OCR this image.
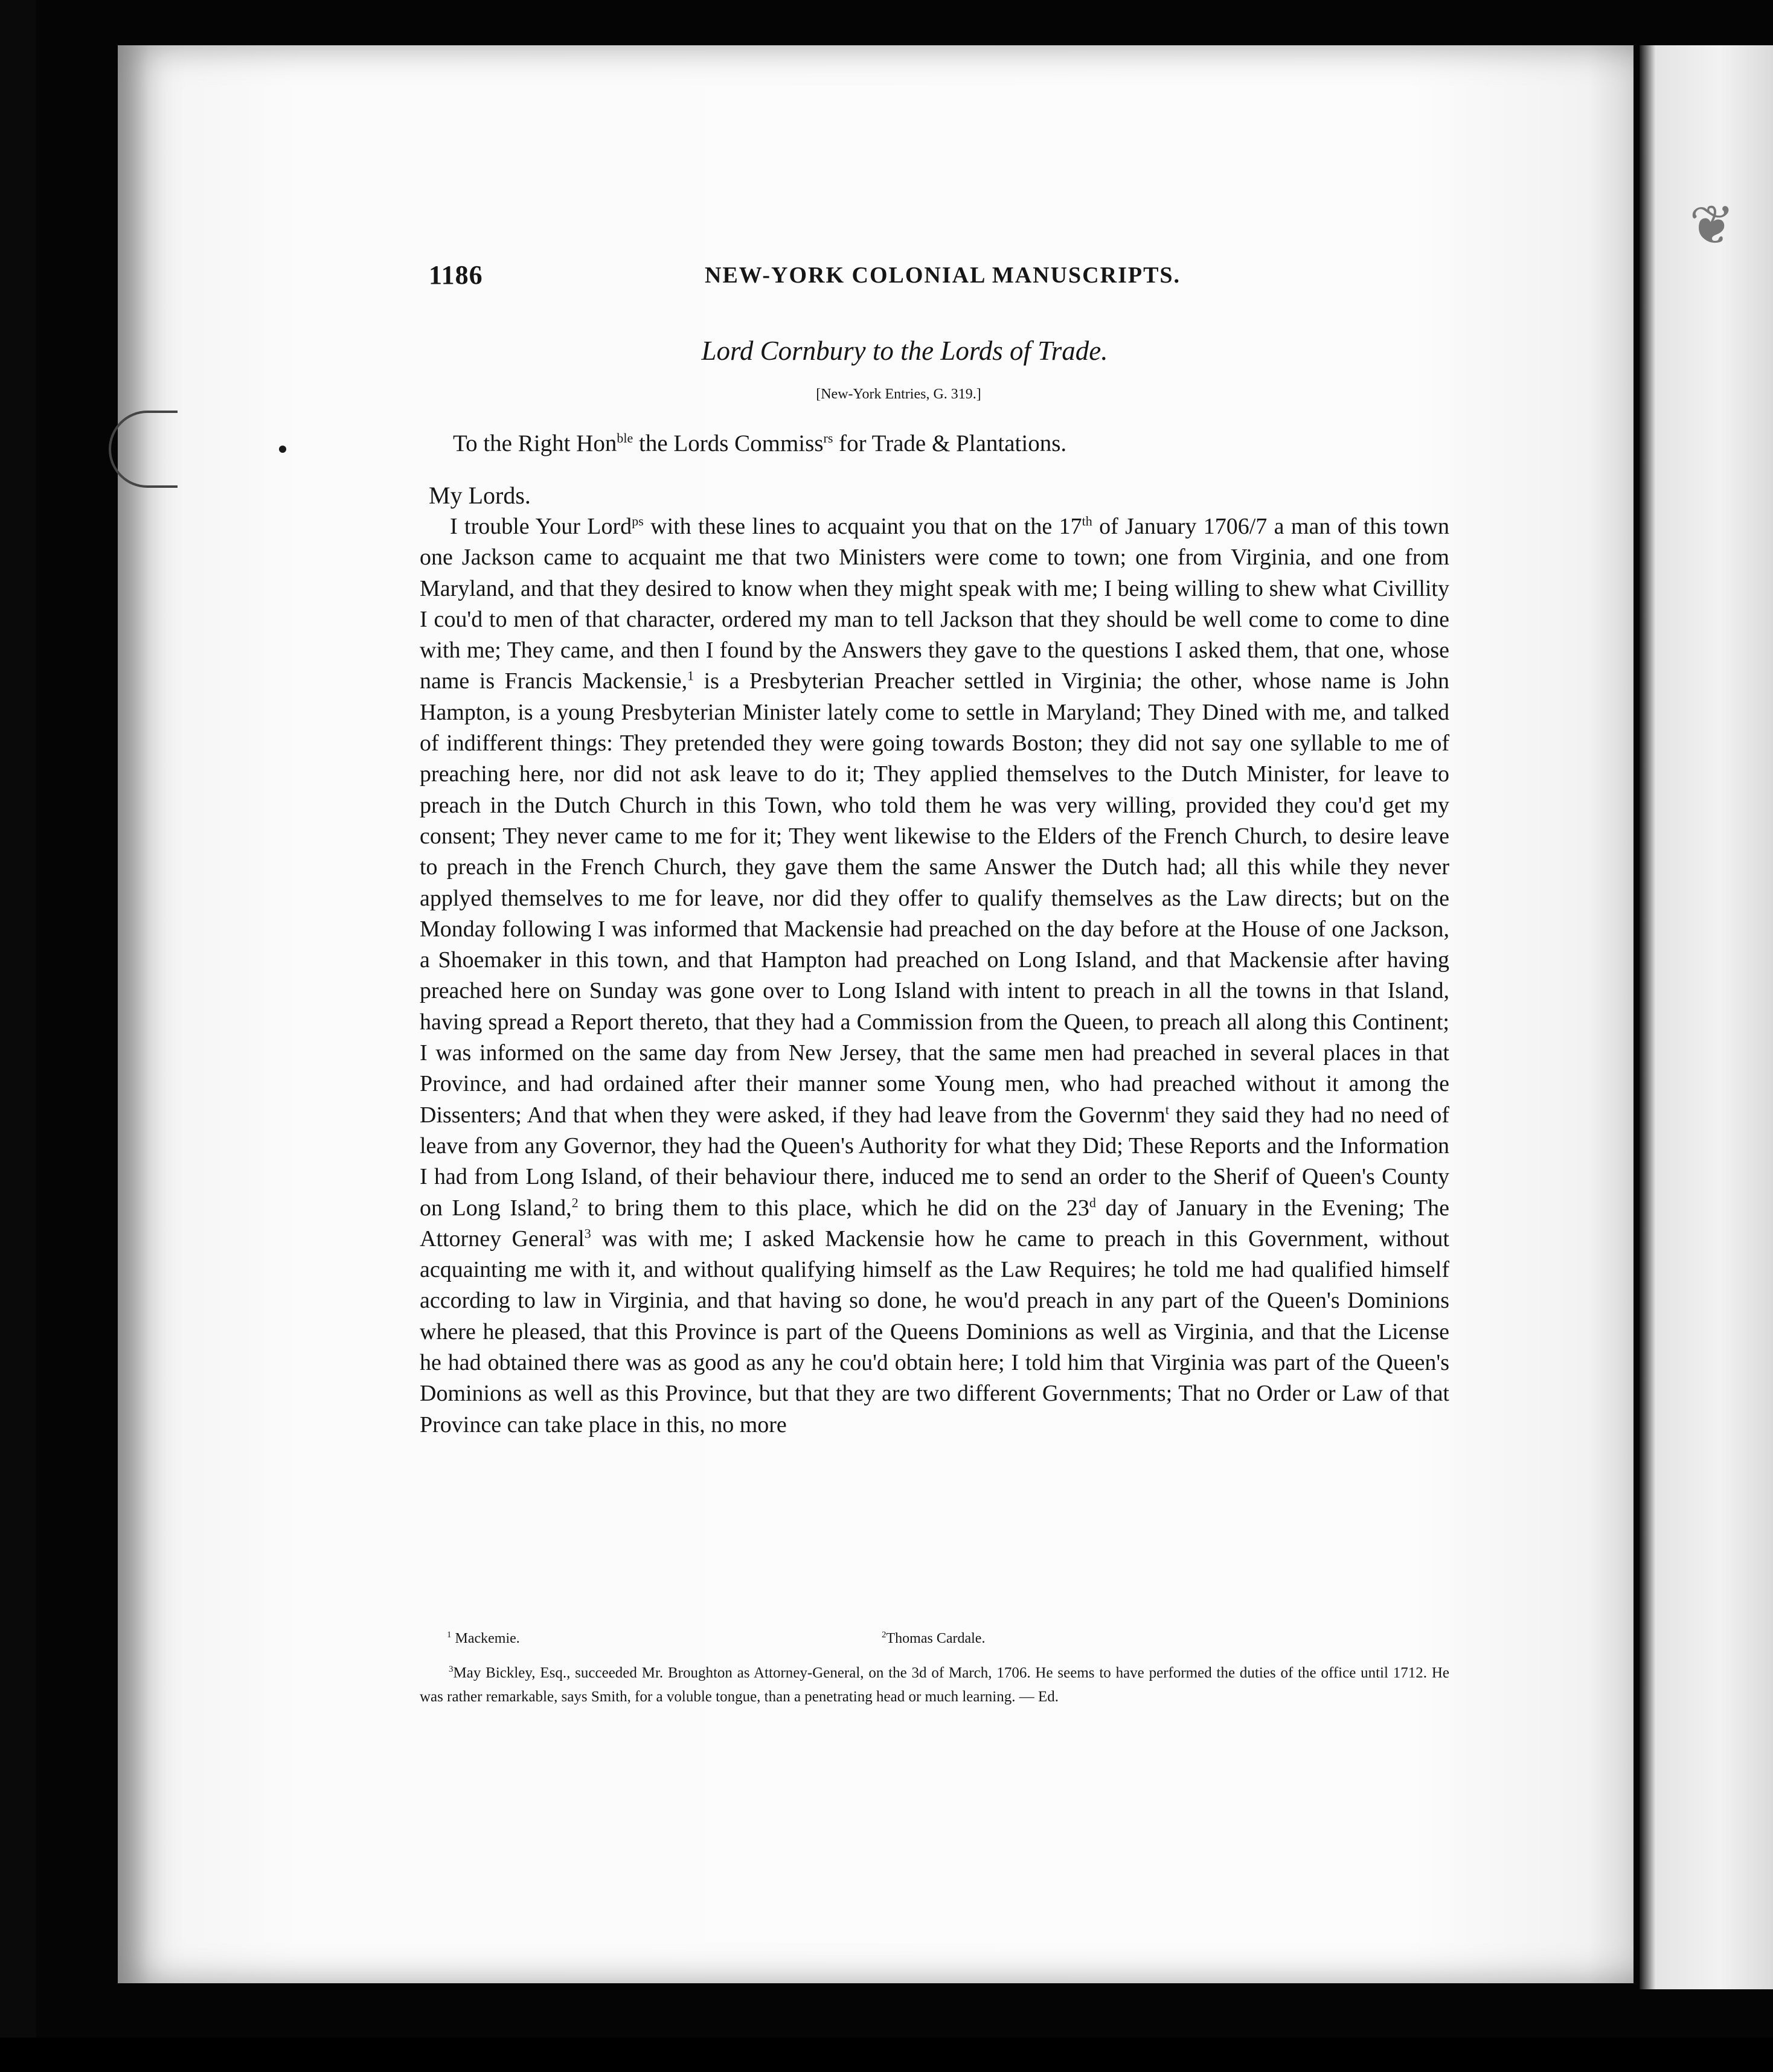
❦
1186	NEW-YORK COLONIAL MANUSCRIPTS.
Lord Cornbury to the Lords of Trade.
[New-York Entries, G. 319.]
To the Right Hon$^{ble}$ the Lords Commiss$^{rs}$ for Trade & Plantations.
My Lords.

I trouble Your Lord$^{ps}$ with these lines to acquaint you that on the 17th of January 1706/7 a man of this town one Jackson came to acquaint me that two Ministers were come to town; one from Virginia, and one from Maryland, and that they desired to know when they might speak with me; I being willing to shew what Civillity I cou'd to men of that character, ordered my man to tell Jackson that they should be well come to come to dine with me; They came, and then I found by the Answers they gave to the questions I asked them, that one, whose name is Francis Mackensie,$^1$ is a Presbyterian Preacher settled in Virginia; the other, whose name is John Hampton, is a young Presbyterian Minister lately come to settle in Maryland; They Dined with me, and talked of indifferent things: They pretended they were going towards Boston; they did not say one syllable to me of preaching here, nor did not ask leave to do it; They applied themselves to the Dutch Minister, for leave to preach in the Dutch Church in this Town, who told them he was very willing, provided they cou'd get my consent; They never came to me for it; They went likewise to the Elders of the French Church, to desire leave to preach in the French Church, they gave them the same Answer the Dutch had; all this while they never applyed themselves to me for leave, nor did they offer to qualify themselves as the Law directs; but on the Monday following I was informed that Mackensie had preached on the day before at the House of one Jackson, a Shoemaker in this town, and that Hampton had preached on Long Island, and that Mackensie after having preached here on Sunday was gone over to Long Island with intent to preach in all the towns in that Island, having spread a Report thereto, that they had a Commission from the Queen, to preach all along this Continent; I was informed on the same day from New Jersey, that the same men had preached in several places in that Province, and had ordained after their manner some Young men, who had preached without it among the Dissenters; And that when they were asked, if they had leave from the Governm$^t$ they said they had no need of leave from any Governor, they had the Queen's Authority for what they Did; These Reports and the Information I had from Long Island, of their behaviour there, induced me to send an order to the Sherif of Queen's County on Long Island,$^2$ to bring them to this place, which he did on the 23$^d$ day of January in the Evening; The Attorney General$^3$ was with me; I asked Mackensie how he came to preach in this Government, without acquainting me with it, and without qualifying himself as the Law Requires; he told me had qualified himself according to law in Virginia, and that having so done, he wou'd preach in any part of the Queen's Dominions where he pleased, that this Province is part of the Queens Dominions as well as Virginia, and that the License he had obtained there was as good as any he cou'd obtain here; I told him that Virginia was part of the Queen's Dominions as well as this Province, but that they are two different Governments; That no Order or Law of that Province can take place in this, no more

$^1$ Mackemie.	$^2$Thomas Cardale.

$^3$May Bickley, Esq., succeeded Mr. Broughton as Attorney-General, on the 3d of March, 1706. He seems to have performed the duties of the office until 1712. He was rather remarkable, says Smith, for a voluble tongue, than a penetrating head or much learning. — Ed.
